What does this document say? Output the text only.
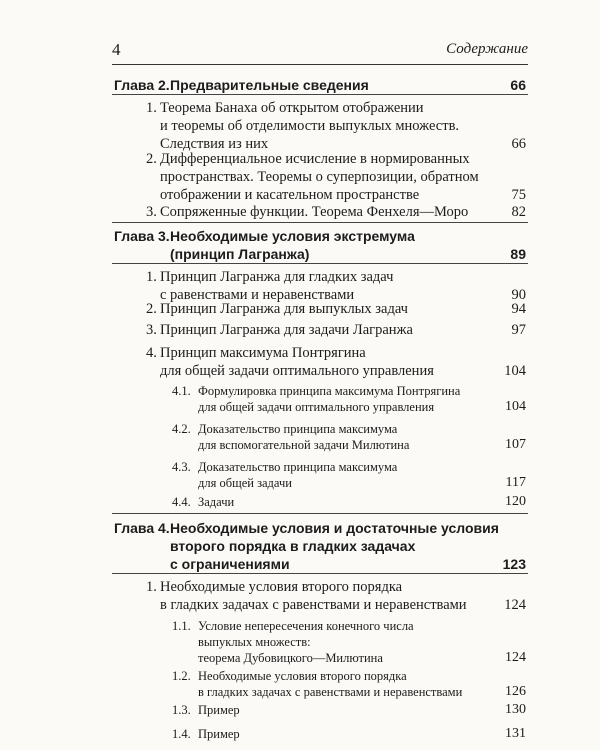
4	Содержание
Глава 2. Предварительные сведения	66
1. Теорема Банаха об открытом отображении
и теоремы об отделимости выпуклых множеств.
Следствия из них	66
2. Дифференциальное исчисление в нормированных
пространствах. Теоремы о суперпозиции, обратном
отображении и касательном пространстве	75
3. Сопряженные функции. Теорема Фенхеля—Моро	82
Глава 3. Необходимые условия экстремума
(принцип Лагранжа)	89
1. Принцип Лагранжа для гладких задач
с равенствами и неравенствами	90
2. Принцип Лагранжа для выпуклых задач	94
3. Принцип Лагранжа для задачи Лагранжа	97
4. Принцип максимума Понтрягина
для общей задачи оптимального управления	104
4.1. Формулировка принципа максимума Понтрягина
для общей задачи оптимального управления	104
4.2. Доказательство принципа максимума
для вспомогательной задачи Милютина	107
4.3. Доказательство принципа максимума
для общей задачи	117
4.4. Задачи	120
Глава 4. Необходимые условия и достаточные условия
второго порядка в гладких задачах
с ограничениями	123
1. Необходимые условия второго порядка
в гладких задачах с равенствами и неравенствами	124
1.1. Условие непересечения конечного числа
выпуклых множеств:
теорема Дубовицкого—Милютина	124
1.2. Необходимые условия второго порядка
в гладких задачах с равенствами и неравенствами	126
1.3. Пример	130
1.4. Пример	131
